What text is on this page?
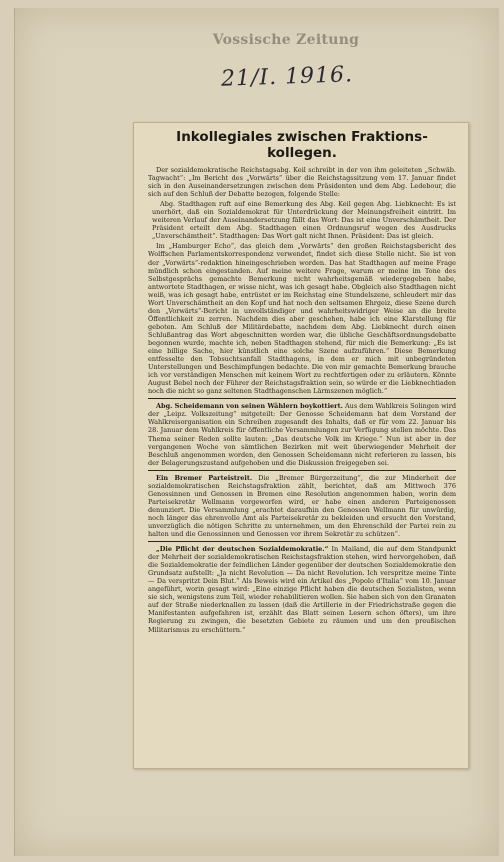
Vossische Zeitung
21/I. 1916.
Inkollegiales zwischen Fraktions-kollegen.

Der sozialdemokratische Reichstagsabg. Keil schreibt in der von ihm geleiteten „Schwäb. Tagwacht“: „Im Bericht des „Vorwärts“ über die Reichstagssitzung vom 17. Januar findet sich in den Auseinandersetzungen zwischen dem Präsidenten und dem Abg. Ledebour, die sich auf den Schluß der Debatte bezogen, folgende Stelle:

Abg. Stadthagen ruft auf eine Bemerkung des Abg. Keil gegen Abg. Liebknecht: Es ist unerhört, daß ein Sozialdemokrat für Unterdrückung der Meinungsfreiheit eintritt. Im weiteren Verlauf der Auseinandersetzung fällt das Wort: Das ist eine Unverschämtheit. Der Präsident erteilt dem Abg. Stadthagen einen Ordnungsruf wegen des Ausdrucks „Unverschämtheit“. Stadthagen: Das Wort galt nicht Ihnen. Präsident: Das ist gleich.

Im „Hamburger Echo“, das gleich dem „Vorwärts“ den großen Reichstagsbericht des Wolffschen Parlamentskorrespondenz verwendet, findet sich diese Stelle nicht. Sie ist von der „Vorwärts“-redaktion hineingeschrieben worden. Das hat Stadthagen auf meine Frage mündlich schon eingestanden. Auf meine weitere Frage, warum er meine im Tone des Selbstgesprächs gemachte Bemerkung nicht wahrheitsgemäß wiedergegeben habe, antwortete Stadthagen, er wisse nicht, was ich gesagt habe. Obgleich also Stadthagen nicht weiß, was ich gesagt habe, entrüstet er im Reichstag eine Stundelszene, schleudert mir das Wort Unverschämtheit an den Kopf und hat noch den seltsamen Ehrgeiz, diese Szene durch den „Vorwärts“-Bericht in unvollständiger und wahrheitswidriger Weise an die breite Öffentlichkeit zu zerren. Nachdem dies aber geschehen, habe ich eine Klarstellung für geboten. Am Schluß der Militärdebatte, nachdem dem Abg. Liebknecht durch einen Schlußantrag das Wort abgeschnitten worden war, die übliche Geschäftsordnungsdebatte begonnen wurde, machte ich, neben Stadthagen stehend, für mich die Bemerkung: „Es ist eine billige Sache, hier künstlich eine solche Szene aufzuführen.“ Diese Bemerkung entfesselte den Tobsuchtsanfall Stadthagens, in dem er mich mit unbegründeten Unterstellungen und Beschimpfungen bedachte. Die von mir gemachte Bemerkung brauche ich vor verständigen Menschen mit keinem Wort zu rechtfertigen oder zu erläutern. Könnte August Bebel noch der Führer der Reichstagsfraktion sein, so würde er die Liebknechtiaden noch die nicht so ganz seltenen Stadthagenschen Lärmszenen möglich.“

Abg. Scheidemann von seinen Wählern boykottiert. Aus dem Wahlkreis Solingen wird der „Leipz. Volkszeitung“ mitgeteilt: Der Genosse Scheidemann hat dem Vorstand der Wahlkreisorganisation ein Schreiben zugesandt des Inhalts, daß er für vom 22. Januar bis 28. Januar dem Wahlkreis für öffentliche Versammlungen zur Verfügung stellen möchte. Das Thema seiner Reden sollte lauten: „Das deutsche Volk im Kriege.“ Nun ist aber in der vergangenen Woche von sämtlichen Bezirken mit weit überwiegender Mehrheit der Beschluß angenommen worden, den Genossen Scheidemann nicht referieren zu lassen, bis der Belagerungszustand aufgehoben und die Diskussion freigegeben sei.

Ein Bremer Parteistreit. Die „Bremer Bürgerzeitung“, die zur Minderheit der sozialdemokratischen Reichstagsfraktion zählt, berichtet, daß am Mittwoch 376 Genossinnen und Genossen in Bremen eine Resolution angenommen haben, worin dem Parteisekretär Wellmann vorgeworfen wird, er habe einen anderen Parteigenossen denunziert. Die Versammlung „erachtet daraufhin den Genossen Wellmann für unwürdig, noch länger das ehrenvolle Amt als Parteisekretär zu bekleiden und ersucht den Vorstand, unverzüglich die nötigen Schritte zu unternehmen, um den Ehrenschild der Partei rein zu halten und die Genossinnen und Genossen vor ihrem Sekretär zu schützen“.

„Die Pflicht der deutschen Sozialdemokratie.“ In Mailand, die auf dem Standpunkt der Mehrheit der sozialdemokratischen Reichstagsfraktion stehen, wird hervorgehoben, daß die Sozialdemokratie der feindlichen Länder gegenüber der deutschen Sozialdemokratie den Grundsatz aufstellt: „Ja nicht Revolution — Da nicht Revolution. Ich verspritze meine Tinte — Da verspritzt Dein Blut.“ Als Beweis wird ein Artikel des „Popolo d’Italia“ vom 10. Januar angeführt, worin gesagt wird: „Eine einzige Pflicht haben die deutschen Sozialisten, wenn sie sich, wenigstens zum Teil, wieder rehabilitieren wollen. Sie haben sich von den Granaten auf der Straße niederknallen zu lassen (daß die Artillerie in der Friedrichstraße gegen die Manifestanten aufgefahren ist, erzählt das Blatt seinen Lesern schon öfters), um ihre Regierung zu zwingen, die besetzten Gebiete zu räumen und um den preußischen Militarismus zu erschüttern.“
